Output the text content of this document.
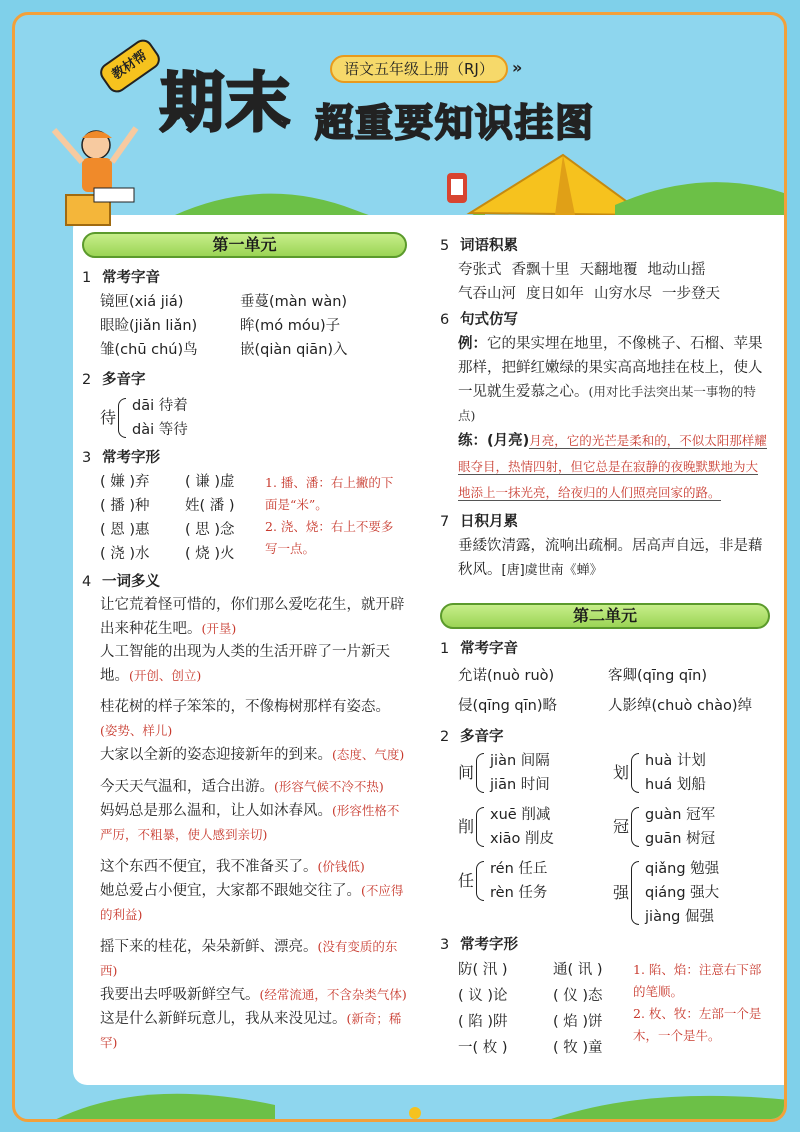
教材帮
期末	语文五年级上册（RJ）	»
超重要知识挂图
第一单元
1 常考字音
镜匣(xiá jiá)	垂蔓(màn wàn)
眼睑(jiǎn liǎn)	眸(mó móu)子
雏(chū chú)鸟	嵌(qiàn qiān)入
2 多音字
待
dāi 待着
dài 等待
3 常考字形
( 嫌 )弃	( 谦 )虚
( 播 )种	姓( 潘 )
( 恩 )惠	( 思 )念
( 浇 )水	( 烧 )火
1. 播、潘：右上撇的下面是“米”。
2. 浇、烧：右上不要多写一点。
4 一词多义
让它荒着怪可惜的，你们那么爱吃花生，就开辟出来种花生吧。(开垦)
人工智能的出现为人类的生活开辟了一片新天地。(开创、创立)
桂花树的样子笨笨的，不像梅树那样有姿态。(姿势、样儿)
大家以全新的姿态迎接新年的到来。(态度、气度)
今天天气温和，适合出游。(形容气候不冷不热)
妈妈总是那么温和，让人如沐春风。(形容性格不严厉，不粗暴，使人感到亲切)
这个东西不便宜，我不准备买了。(价钱低)
她总爱占小便宜，大家都不跟她交往了。(不应得的利益)
摇下来的桂花，朵朵新鲜、漂亮。(没有变质的东西)
我要出去呼吸新鲜空气。(经常流通，不含杂类气体)
这是什么新鲜玩意儿，我从来没见过。(新奇；稀罕)
5 词语积累
夸张式 香飘十里 天翻地覆 地动山摇
气吞山河 度日如年 山穷水尽 一步登天
6 句式仿写
例：它的果实埋在地里，不像桃子、石榴、苹果那样，把鲜红嫩绿的果实高高地挂在枝上，使人一见就生爱慕之心。(用对比手法突出某一事物的特点)
练：(月亮)月亮，它的光芒是柔和的，不似太阳那样耀眼夺目，热情四射，但它总是在寂静的夜晚默默地为大地添上一抹光亮，给夜归的人们照亮回家的路。
7 日积月累
垂緌饮清露，流响出疏桐。居高声自远，非是藉秋风。[唐]虞世南《蝉》
第二单元
1 常考字音
允诺(nuò ruò)	客卿(qīng qīn)
侵(qīng qīn)略	人影绰(chuò chào)绰
2 多音字
间
jiàn 间隔
jiān 时间
削
xuē 削减
xiāo 削皮
任
rén 任丘
rèn 任务
划
huà 计划
huá 划船
冠
guàn 冠军
guān 树冠
强
qiǎng 勉强
qiáng 强大
jiàng 倔强
3 常考字形
防( 汛 )	通( 讯 )
( 议 )论	( 仪 )态
( 陷 )阱	( 焰 )饼
一( 枚 )	( 牧 )童
1. 陷、焰：注意右下部的笔顺。
2. 枚、牧：左部一个是木，一个是牛。
